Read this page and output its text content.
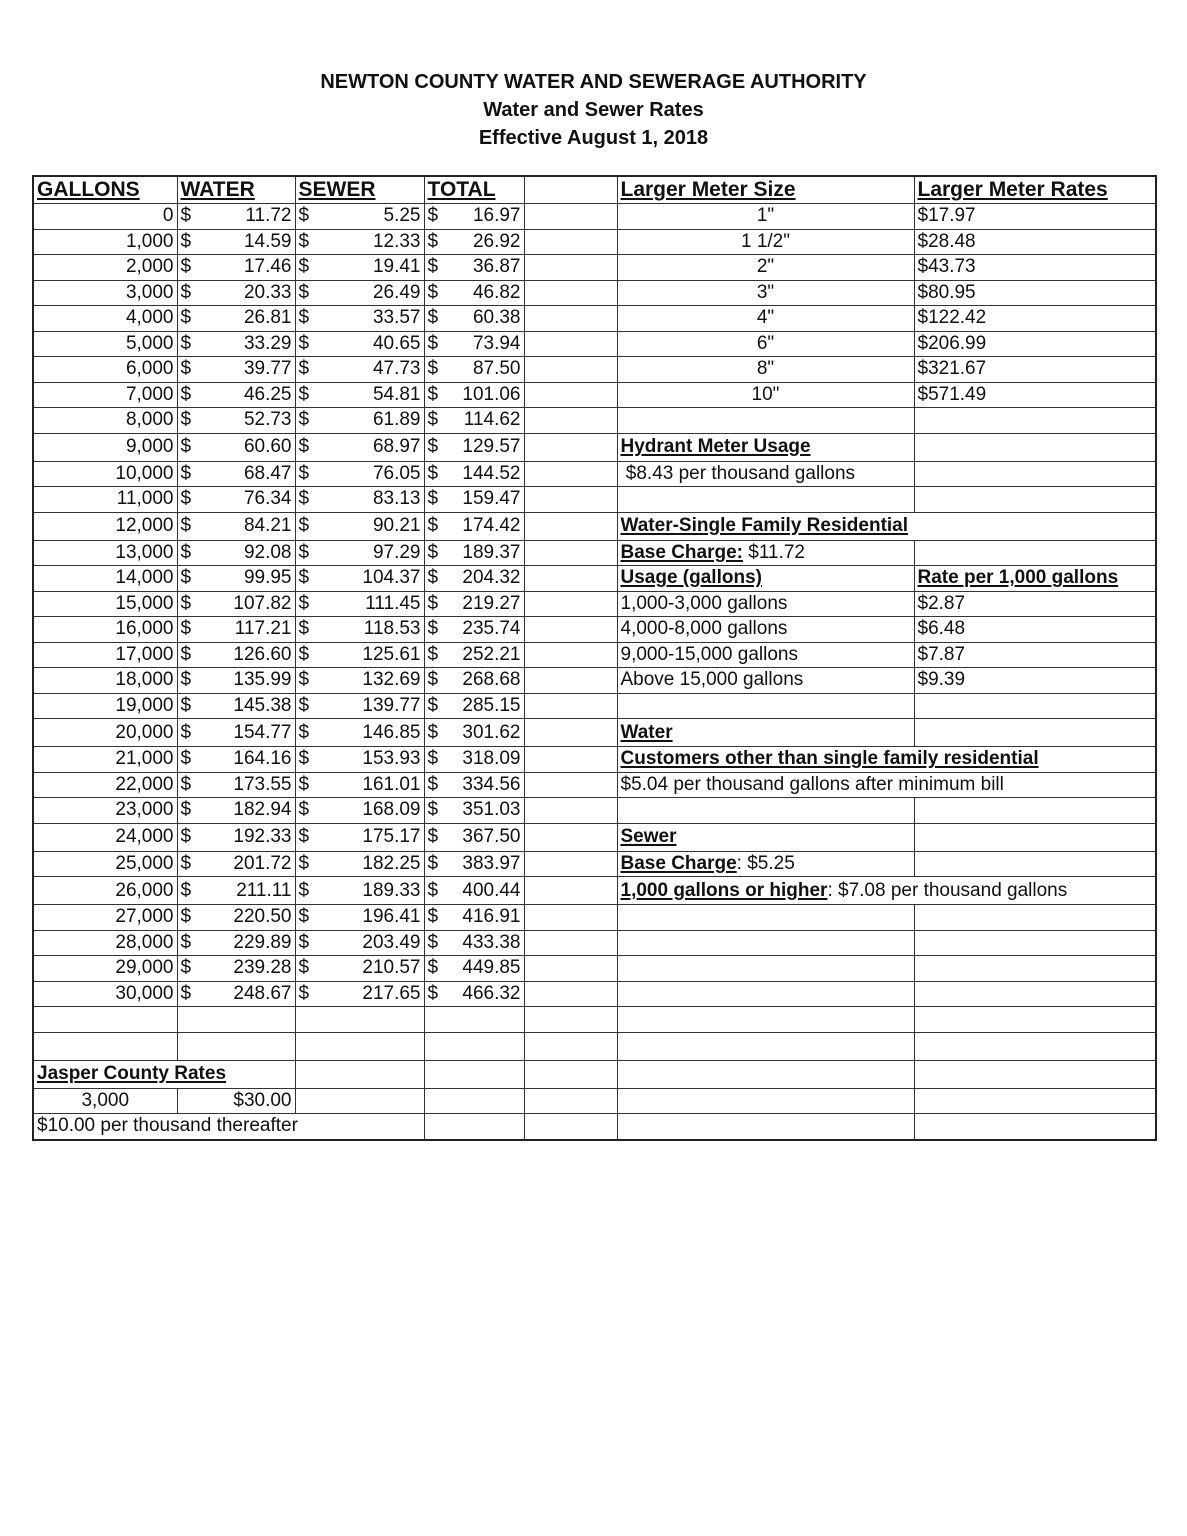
NEWTON COUNTY WATER AND SEWERAGE AUTHORITY
Water and Sewer Rates
Effective August 1, 2018
GALLONS	WATER	SEWER	TOTAL		Larger Meter Size	Larger Meter Rates
0	$ 11.72	$ 5.25	$ 16.97		1"	$17.97
1,000	$ 14.59	$ 12.33	$ 26.92		1 1/2"	$28.48
2,000	$ 17.46	$ 19.41	$ 36.87		2"	$43.73
3,000	$ 20.33	$ 26.49	$ 46.82		3"	$80.95
4,000	$ 26.81	$ 33.57	$ 60.38		4"	$122.42
5,000	$ 33.29	$ 40.65	$ 73.94		6"	$206.99
6,000	$ 39.77	$ 47.73	$ 87.50		8"	$321.67
7,000	$ 46.25	$ 54.81	$ 101.06		10"	$571.49
8,000	$ 52.73	$ 61.89	$ 114.62			

9,000	$ 60.60	$ 68.97	$ 129.57		Hydrant Meter Usage	
10,000	$ 68.47	$ 76.05	$ 144.52		$8.43 per thousand gallons	
11,000	$ 76.34	$ 83.13	$ 159.47			

12,000	$ 84.21	$ 90.21	$ 174.42		Water-Single Family Residential	
13,000	$ 92.08	$ 97.29	$ 189.37		Base Charge: $11.72	
14,000	$ 99.95	$ 104.37	$ 204.32		Usage (gallons)	Rate per 1,000 gallons
15,000	$ 107.82	$ 111.45	$ 219.27		1,000-3,000 gallons	$2.87
16,000	$ 117.21	$ 118.53	$ 235.74		4,000-8,000 gallons	$6.48
17,000	$ 126.60	$ 125.61	$ 252.21		9,000-15,000 gallons	$7.87
18,000	$ 135.99	$ 132.69	$ 268.68		Above 15,000 gallons	$9.39
19,000	$ 145.38	$ 139.77	$ 285.15			

20,000	$ 154.77	$ 146.85	$ 301.62		Water	
21,000	$ 164.16	$ 153.93	$ 318.09		Customers other than single family residential	
22,000	$ 173.55	$ 161.01	$ 334.56		$5.04 per thousand gallons after minimum bill	
23,000	$ 182.94	$ 168.09	$ 351.03			

24,000	$ 192.33	$ 175.17	$ 367.50		Sewer	
25,000	$ 201.72	$ 182.25	$ 383.97		Base Charge: $5.25	
26,000	$ 211.11	$ 189.33	$ 400.44		1,000 gallons or higher: $7.08 per thousand gallons	
27,000	$ 220.50	$ 196.41	$ 416.91			

28,000	$ 229.89	$ 203.49	$ 433.38			

29,000	$ 239.28	$ 210.57	$ 449.85			

30,000	$ 248.67	$ 217.65	$ 466.32			

Jasper County Rates						
3,000	$30.00					
$10.00 per thousand thereafter						
